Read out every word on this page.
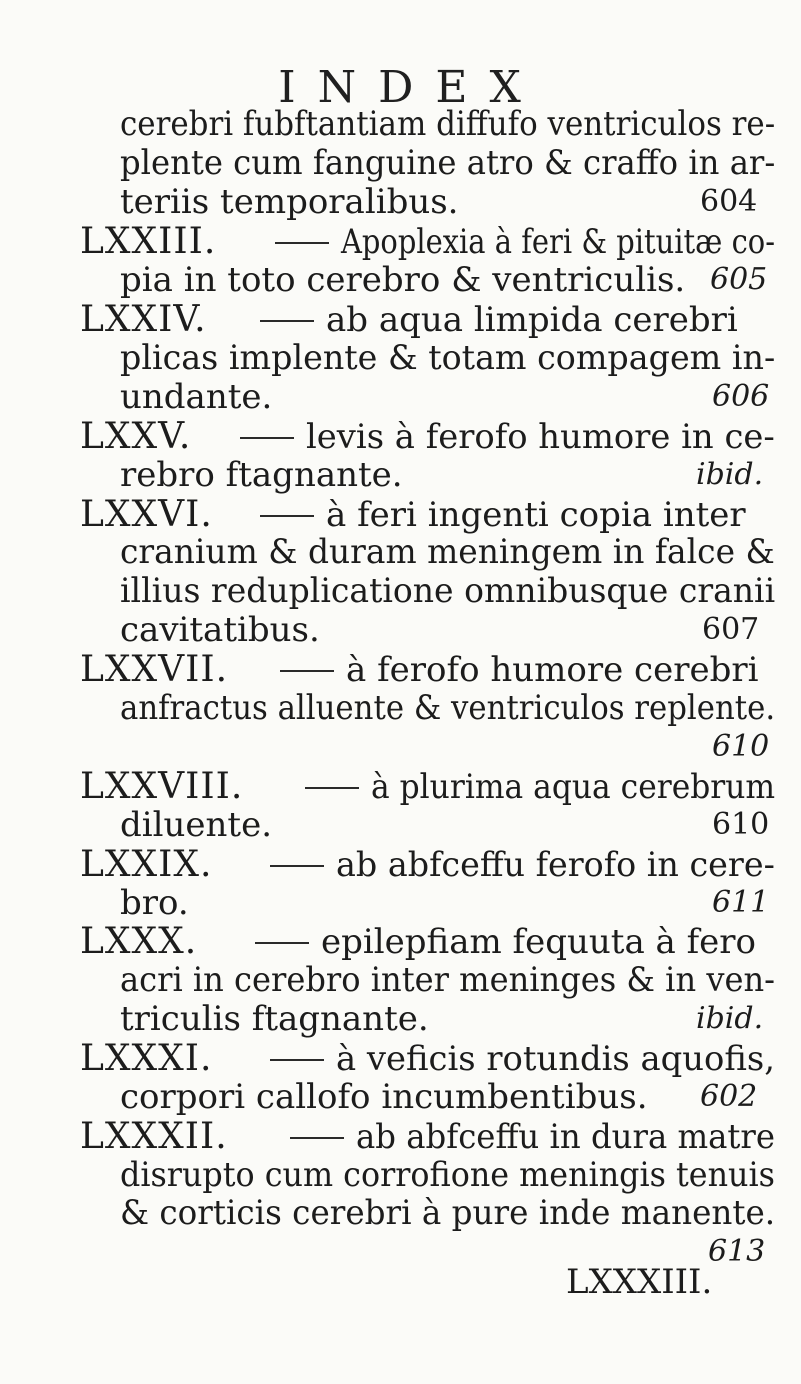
INDEX
cerebri fubftantiam diffufo ventriculos re-
plente cum fanguine atro & craffo in ar-
teriis temporalibus.	604
LXXIII.	Apoplexia à feri & pituitæ co-
pia in toto cerebro & ventriculis. 605
LXXIV.	ab aqua limpida cerebri
plicas implente & totam compagem in-
undante.	606
LXXV.	levis à ferofo humore in ce-
rebro ftagnante.	ibid.
LXXVI.	à feri ingenti copia inter
cranium & duram meningem in falce &
illius reduplicatione omnibusque cranii
cavitatibus.	607
LXXVII.	à ferofo humore cerebri
anfractus alluente & ventriculos replente.
610
LXXVIII.	à plurima aqua cerebrum
diluente.	610
LXXIX.	ab abfceffu ferofo in cere-
bro.	611
LXXX.	epilepfiam fequuta à fero
acri in cerebro inter meninges & in ven-
triculis ftagnante.	ibid.
LXXXI.	à veficis rotundis aquofis,
corpori callofo incumbentibus. 602
LXXXII.	ab abfceffu in dura matre
disrupto cum corrofione meningis tenuis
& corticis cerebri à pure inde manente.
613
LXXXIII.
